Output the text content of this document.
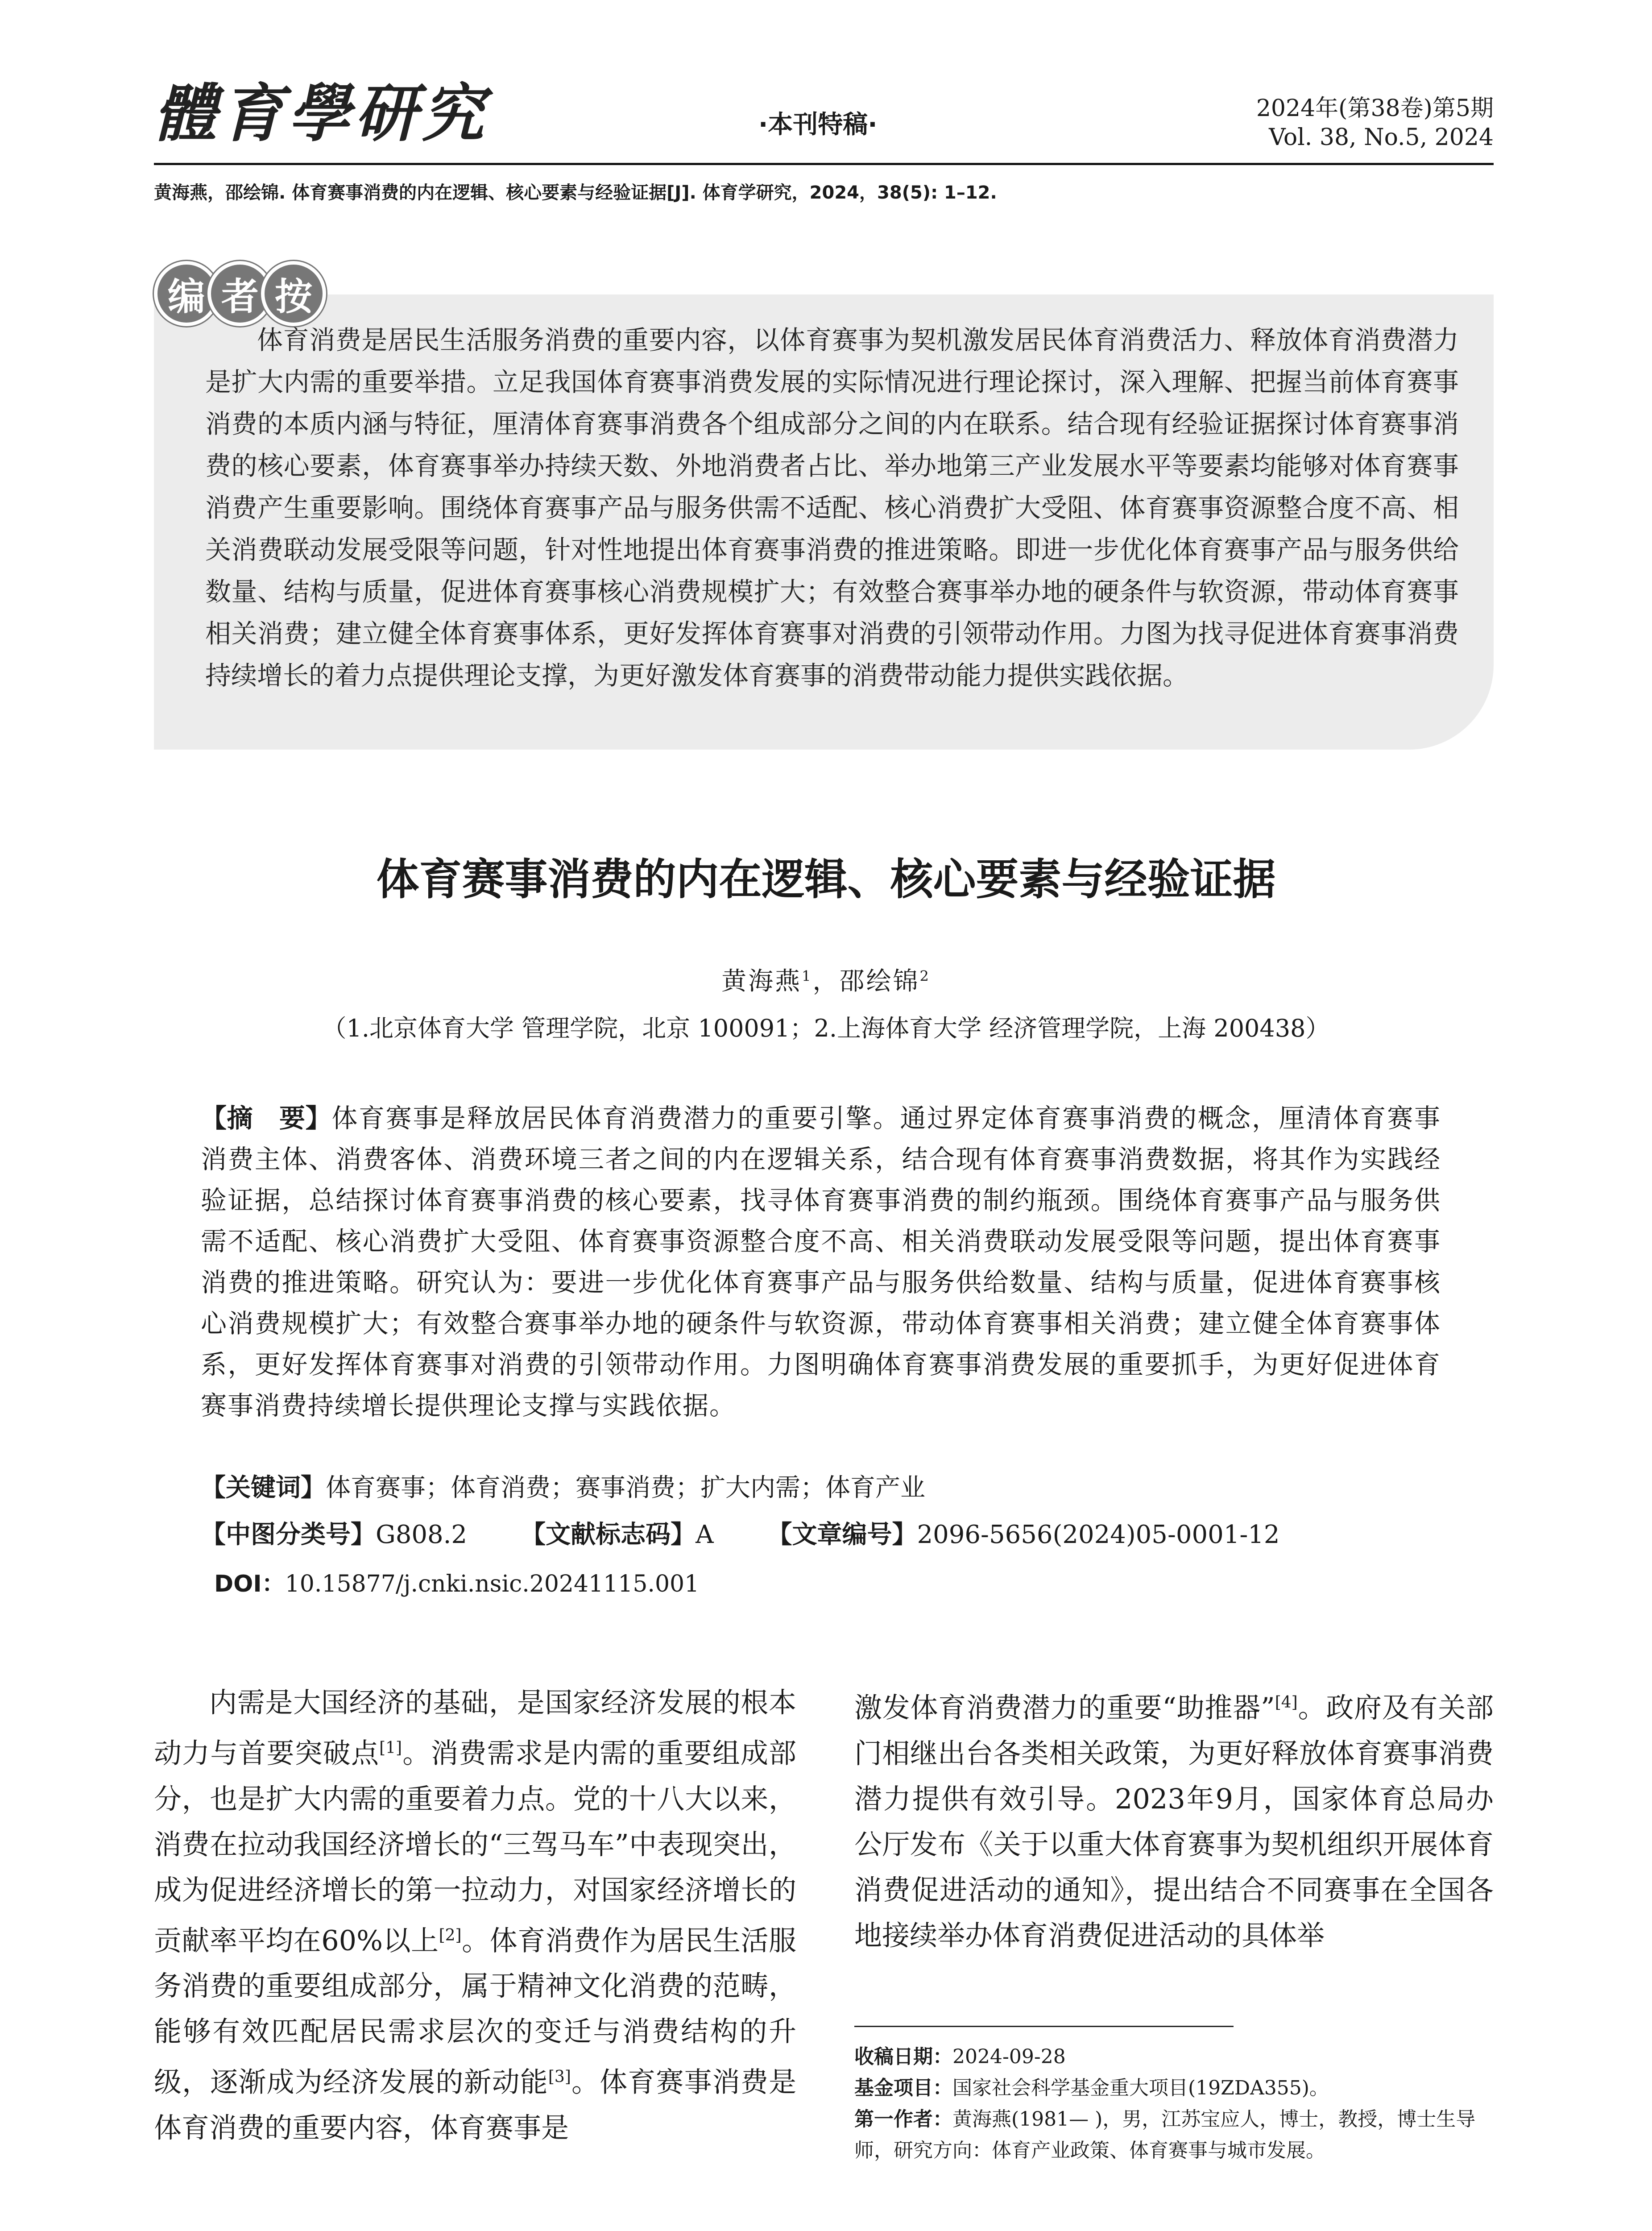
體育學研究	·本刊特稿·
2024年(第38卷)第5期
Vol. 38, No.5, 2024
黄海燕，邵绘锦. 体育赛事消费的内在逻辑、核心要素与经验证据[J]. 体育学研究，2024，38(5): 1–12.
编 者 按
体育消费是居民生活服务消费的重要内容，以体育赛事为契机激发居民体育消费活力、释放体育消费潜力是扩大内需的重要举措。立足我国体育赛事消费发展的实际情况进行理论探讨，深入理解、把握当前体育赛事消费的本质内涵与特征，厘清体育赛事消费各个组成部分之间的内在联系。结合现有经验证据探讨体育赛事消费的核心要素，体育赛事举办持续天数、外地消费者占比、举办地第三产业发展水平等要素均能够对体育赛事消费产生重要影响。围绕体育赛事产品与服务供需不适配、核心消费扩大受阻、体育赛事资源整合度不高、相关消费联动发展受限等问题，针对性地提出体育赛事消费的推进策略。即进一步优化体育赛事产品与服务供给数量、结构与质量，促进体育赛事核心消费规模扩大；有效整合赛事举办地的硬条件与软资源，带动体育赛事相关消费；建立健全体育赛事体系，更好发挥体育赛事对消费的引领带动作用。力图为找寻促进体育赛事消费持续增长的着力点提供理论支撑，为更好激发体育赛事的消费带动能力提供实践依据。
体育赛事消费的内在逻辑、核心要素与经验证据
黄海燕$^1$，邵绘锦$^2$
（1.北京体育大学 管理学院，北京 100091；2.上海体育大学 经济管理学院，上海 200438）
【摘　要】体育赛事是释放居民体育消费潜力的重要引擎。通过界定体育赛事消费的概念，厘清体育赛事消费主体、消费客体、消费环境三者之间的内在逻辑关系，结合现有体育赛事消费数据，将其作为实践经验证据，总结探讨体育赛事消费的核心要素，找寻体育赛事消费的制约瓶颈。围绕体育赛事产品与服务供需不适配、核心消费扩大受阻、体育赛事资源整合度不高、相关消费联动发展受限等问题，提出体育赛事消费的推进策略。研究认为：要进一步优化体育赛事产品与服务供给数量、结构与质量，促进体育赛事核心消费规模扩大；有效整合赛事举办地的硬条件与软资源，带动体育赛事相关消费；建立健全体育赛事体系，更好发挥体育赛事对消费的引领带动作用。力图明确体育赛事消费发展的重要抓手，为更好促进体育赛事消费持续增长提供理论支撑与实践依据。
【关键词】体育赛事；体育消费；赛事消费；扩大内需；体育产业
【中图分类号】G808.2 【文献标志码】A 【文章编号】2096-5656(2024)05-0001-12
DOI：10.15877/j.cnki.nsic.20241115.001
内需是大国经济的基础，是国家经济发展的根本动力与首要突破点[1]。消费需求是内需的重要组成部分，也是扩大内需的重要着力点。党的十八大以来，消费在拉动我国经济增长的“三驾马车”中表现突出，成为促进经济增长的第一拉动力，对国家经济增长的贡献率平均在60%以上[2]。体育消费作为居民生活服务消费的重要组成部分，属于精神文化消费的范畴，能够有效匹配居民需求层次的变迁与消费结构的升级，逐渐成为经济发展的新动能[3]。体育赛事消费是体育消费的重要内容，体育赛事是
激发体育消费潜力的重要“助推器”[4]。政府及有关部门相继出台各类相关政策，为更好释放体育赛事消费潜力提供有效引导。2023年9月，国家体育总局办公厅发布《关于以重大体育赛事为契机组织开展体育消费促进活动的通知》，提出结合不同赛事在全国各地接续举办体育消费促进活动的具体举
收稿日期：2024-09-28
基金项目：国家社会科学基金重大项目(19ZDA355)。
第一作者：黄海燕(1981— )，男，江苏宝应人，博士，教授，博士生导师，研究方向：体育产业政策、体育赛事与城市发展。
